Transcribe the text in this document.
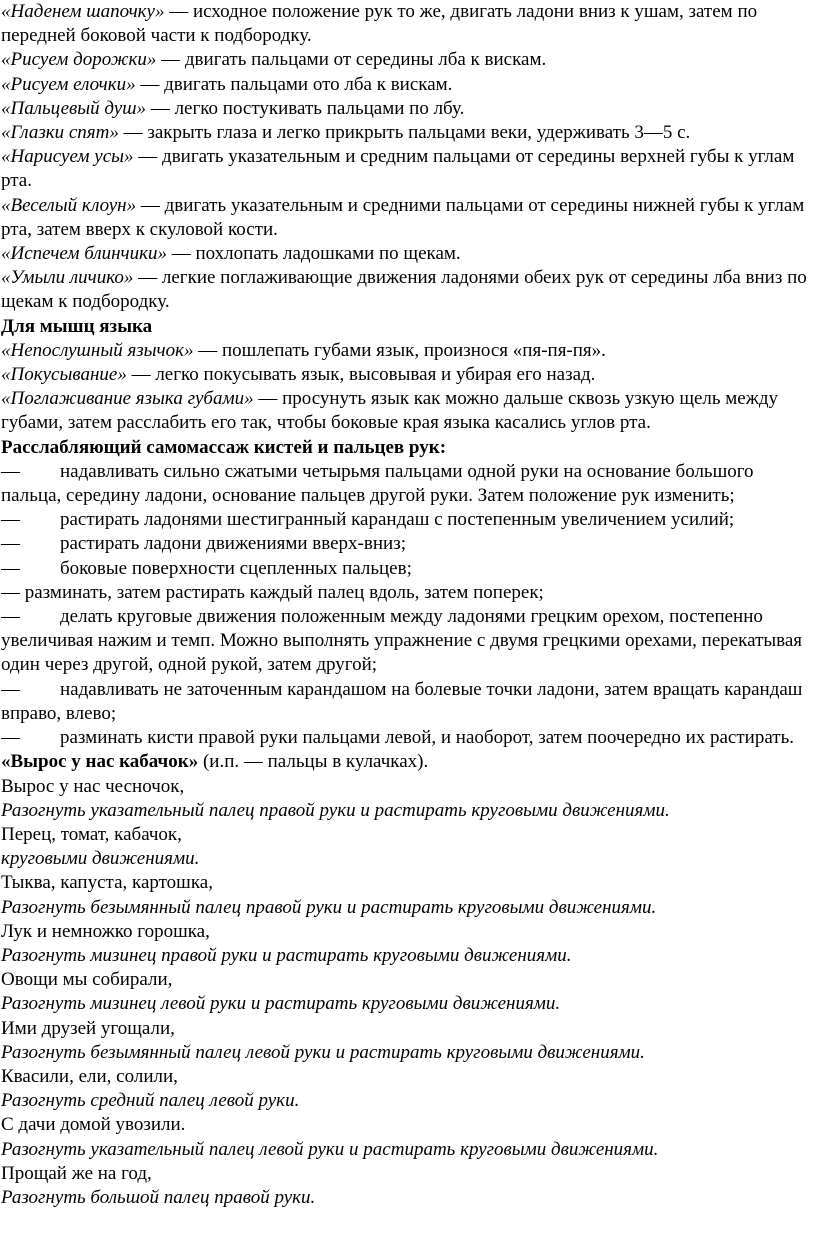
«Наденем шапочку» — исходное положение рук то же, двигать ладони вниз к ушам, затем по передней боковой части к подбородку.

«Рисуем дорожки» — двигать пальцами от середины лба к вискам.

«Рисуем елочки» — двигать пальцами ото лба к вискам.

«Пальцевый душ» — легко постукивать пальцами по лбу.

«Глазки спят» — закрыть глаза и легко прикрыть пальцами веки, удерживать 3—5 с.

«Нарисуем усы» — двигать указательным и средним пальцами от середины верхней губы к углам рта.

«Веселый клоун» — двигать указательным и средними пальцами от середины нижней губы к углам рта, затем вверх к скуловой кости.

«Испечем блинчики» — похлопать ладошками по щекам.

«Умыли личико» — легкие поглаживающие движения ладонями обеих рук от середины лба вниз по щекам к подбородку.

Для мышц языка

«Непослушный язычок» — пошлепать губами язык, произнося «пя-пя-пя».

«Покусывание» — легко покусывать язык, высовывая и убирая его назад.

«Поглаживание языка губами» — просунуть язык как можно дальше сквозь узкую щель между губами, затем расслабить его так, чтобы боковые края языка касались углов рта.

Расслабляющий самомассаж кистей и пальцев рук:

— надавливать сильно сжатыми четырьмя пальцами одной руки на основание большого пальца, середину ладони, основание пальцев другой руки. Затем положение рук изменить;

— растирать ладонями шестигранный карандаш с постепенным увеличением усилий;

— растирать ладони движениями вверх-вниз;

— боковые поверхности сцепленных пальцев;

— разминать, затем растирать каждый палец вдоль, затем поперек;

— делать круговые движения положенным между ладонями грецким орехом, постепенно увеличивая нажим и темп. Можно выполнять упражнение с двумя грецкими орехами, перекатывая один через другой, одной рукой, затем другой;

— надавливать не заточенным карандашом на болевые точки ладони, затем вращать карандаш вправо, влево;

— разминать кисти правой руки пальцами левой, и наоборот, затем поочередно их растирать.

«Вырос у нас кабачок» (и.п. — пальцы в кулачках).

Вырос у нас чесночок,

Разогнуть указательный палец правой руки и растирать круговыми движениями.

Перец, томат, кабачок,

круговыми движениями.

Тыква, капуста, картошка,

Разогнуть безымянный палец правой руки и растирать круговыми движениями.

Лук и немножко горошка,

Разогнуть мизинец правой руки и растирать круговыми движениями.

Овощи мы собирали,

Разогнуть мизинец левой руки и растирать круговыми движениями.

Ими друзей угощали,

Разогнуть безымянный палец левой руки и растирать круговыми движениями.

Квасили, ели, солили,

Разогнуть средний палец левой руки.

С дачи домой увозили.

Разогнуть указательный палец левой руки и растирать круговыми движениями.

Прощай же на год,

Разогнуть большой палец правой руки.
